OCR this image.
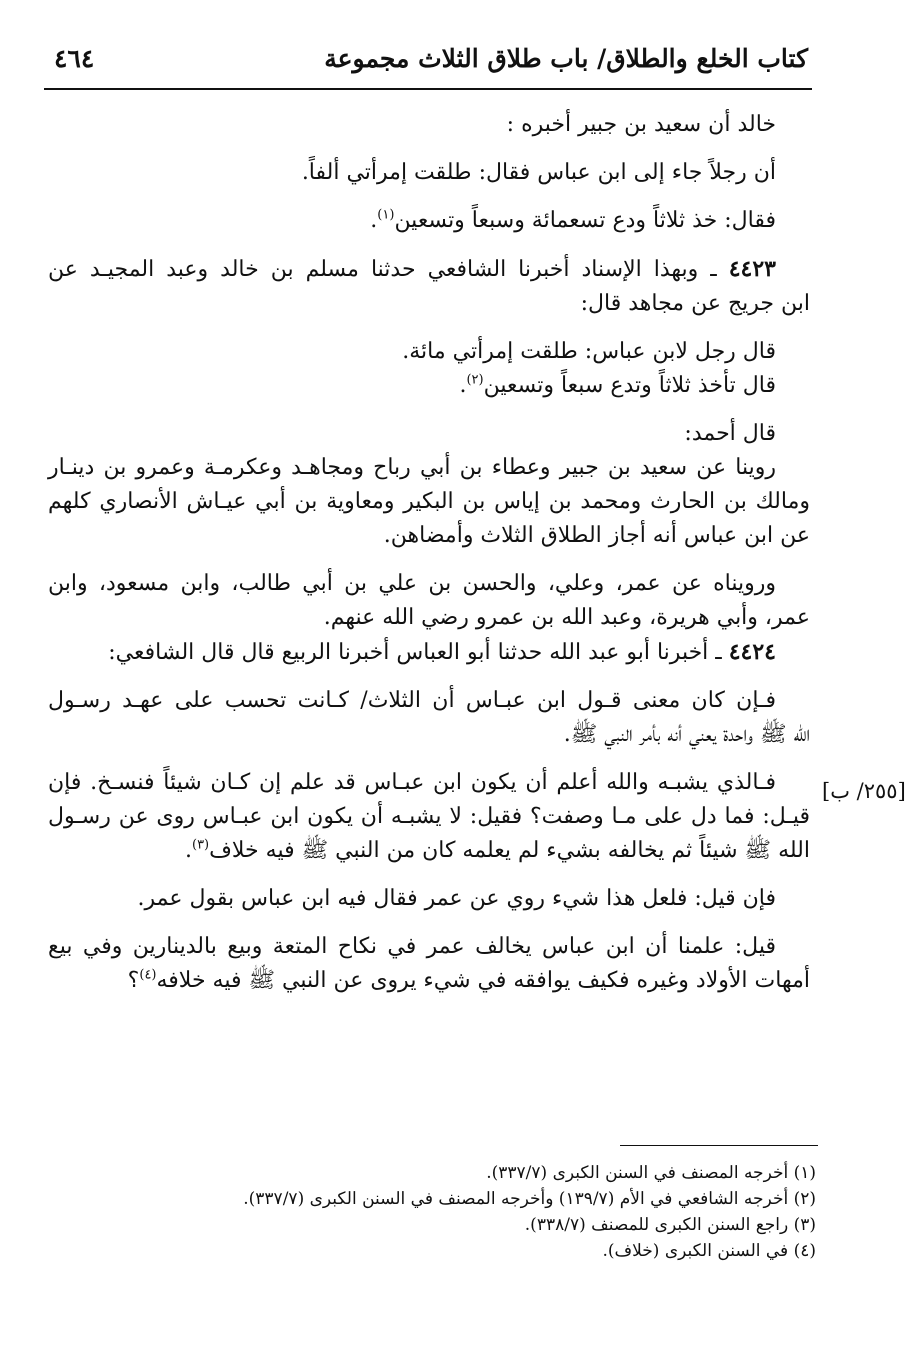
كتاب الخلع والطلاق/ باب طلاق الثلاث مجموعة
٤٦٤
[٢٥٥/ ب]

خالد أن سعيد بن جبير أخبره :

أن رجلاً جاء إلى ابن عباس فقال: طلقت إمرأتي ألفاً.

فقال: خذ ثلاثاً ودع تسعمائة وسبعاً وتسعين$^{(١)}$.

٤٤٢٣ ـ وبهذا الإسناد أخبرنا الشافعي حدثنا مسلم بن خالد وعبد المجيـد عن

ابن جريج عن مجاهد قال:

قال رجل لابن عباس: طلقت إمرأتي مائة.

قال تأخذ ثلاثاً وتدع سبعاً وتسعين$^{(٢)}$.

قال أحمد:

روينا عن سعيد بن جبير وعطاء بن أبي رباح ومجاهـد وعكرمـة وعمرو بن دينـار

ومالك بن الحارث ومحمد بن إياس بن البكير ومعاوية بن أبي عيـاش الأنصاري كلهم

عن ابن عباس أنه أجاز الطلاق الثلاث وأمضاهن.

ورويناه عن عمر، وعلي، والحسن بن علي بن أبي طالب، وابن مسعود، وابن

عمر، وأبي هريرة، وعبد الله بن عمرو رضي الله عنهم.

٤٤٢٤ ـ أخبرنا أبو عبد الله حدثنا أبو العباس أخبرنا الربيع قال قال الشافعي:

فـإن كان معنى قـول ابن عبـاس أن الثلاث/ كـانت تحسب على عهـد رسـول

الله ﷺ واحدة يعني أنه بأمر النبي ﷺ.

فـالذي يشبـه والله أعلم أن يكون ابن عبـاس قد علم إن كـان شيئاً فنسـخ. فإن

قيـل: فما دل على مـا وصفت؟ فقيل: لا يشبـه أن يكون ابن عبـاس روى عن رسـول

الله ﷺ شيئاً ثم يخالفه بشيء لم يعلمه كان من النبي ﷺ فيه خلاف$^{(٣)}$.

فإن قيل: فلعل هذا شيء روي عن عمر فقال فيه ابن عباس بقول عمر.

قيل: علمنا أن ابن عباس يخالف عمر في نكاح المتعة وبيع بالدينارين وفي بيع

أمهات الأولاد وغيره فكيف يوافقه في شيء يروى عن النبي ﷺ فيه خلافه$^{(٤)}$؟

(١) أخرجه المصنف في السنن الكبرى (٣٣٧/٧).

(٢) أخرجه الشافعي في الأم (١٣٩/٧) وأخرجه المصنف في السنن الكبرى (٣٣٧/٧).

(٣) راجع السنن الكبرى للمصنف (٣٣٨/٧).

(٤) في السنن الكبرى (خلاف).
